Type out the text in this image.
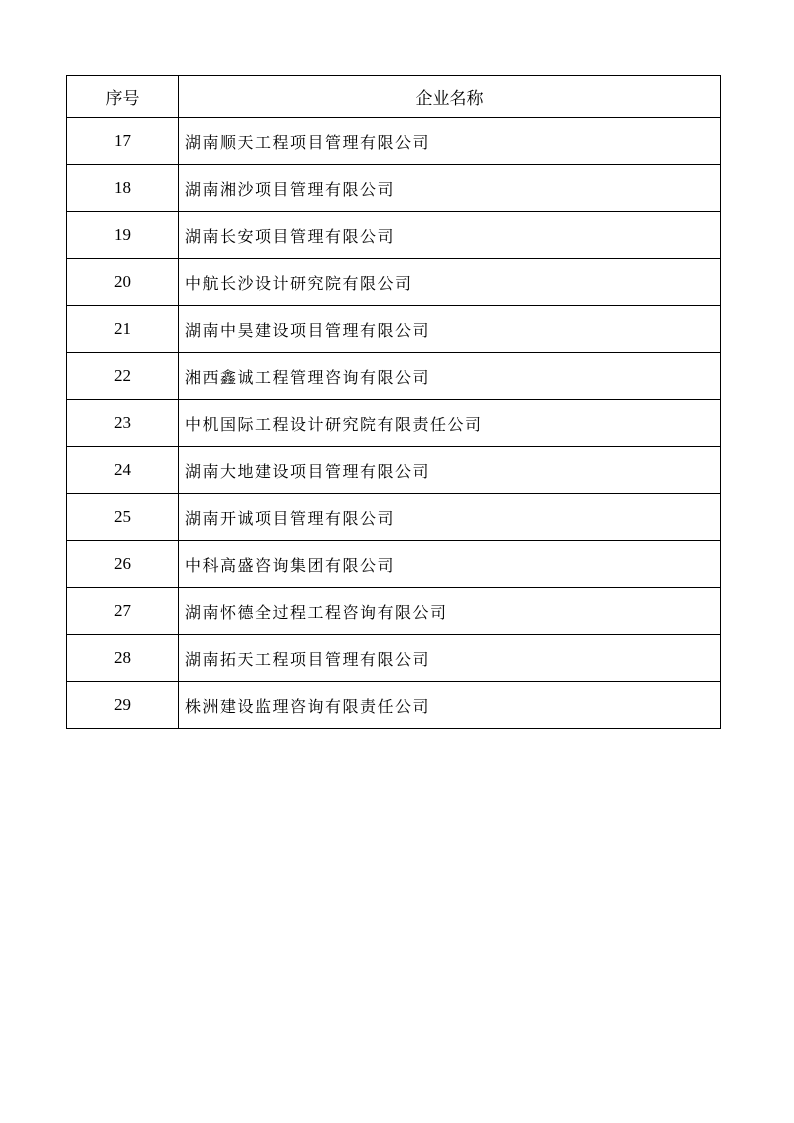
序号	企业名称
17	湖南顺天工程项目管理有限公司
18	湖南湘沙项目管理有限公司
19	湖南长安项目管理有限公司
20	中航长沙设计研究院有限公司
21	湖南中昊建设项目管理有限公司
22	湘西鑫诚工程管理咨询有限公司
23	中机国际工程设计研究院有限责任公司
24	湖南大地建设项目管理有限公司
25	湖南开诚项目管理有限公司
26	中科高盛咨询集团有限公司
27	湖南怀德全过程工程咨询有限公司
28	湖南拓天工程项目管理有限公司
29	株洲建设监理咨询有限责任公司
